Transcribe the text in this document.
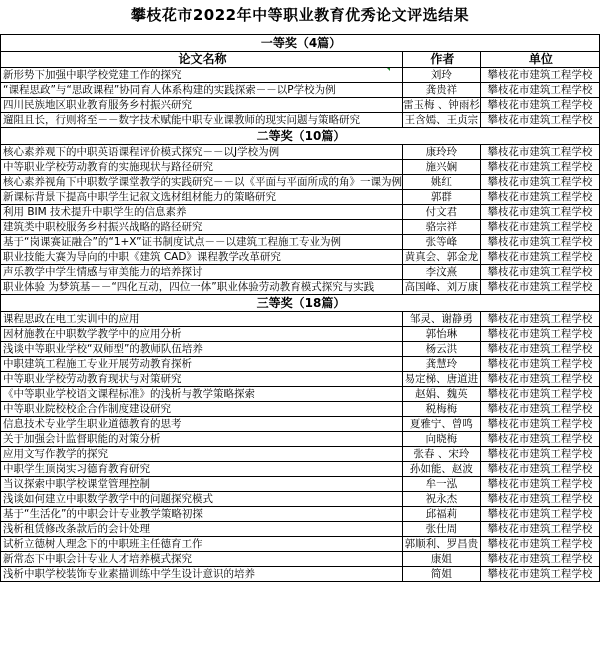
攀枝花市2022年中等职业教育优秀论文评选结果
一等奖（4篇）		
论文名称	作者	单位
新形势下加强中职学校党建工作的探究	刘玲	攀枝花市建筑工程学校
“课程思政”与“思政课程”协同育人体系构建的实践探索－－以P学校为例	龚贵祥	攀枝花市建筑工程学校
四川民族地区职业教育服务乡村振兴研究	雷玉梅 、钟雨杉	攀枝花市建筑工程学校
遛阻且长，行则将至－－数字技术赋能中职专业课教师的现实问题与策略研究	王含嫣、王贞宗	攀枝花市建筑工程学校
二等奖（10篇）		
核心素养观下的中职英语课程评价模式探究－－以J学校为例	康玲玲	攀枝花市建筑工程学校
中等职业学校劳动教育的实施现状与路径研究	施兴娴	攀枝花市建筑工程学校
核心素养视角下中职数学课堂教学的实践研究－－以《平面与平面所成的角》一课为例	姚红	攀枝花市建筑工程学校
新课标背景下提高中职学生记叙文选材组材能力的策略研究	郭群	攀枝花市建筑工程学校
利用 BIM 技术提升中职学生的信息素养	付文君	攀枝花市建筑工程学校
建筑类中职校服务乡村振兴战略的路径研究	骆宗祥	攀枝花市建筑工程学校
基于“岗课赛证融合”的“1+X”证书制度试点－－以建筑工程施工专业为例	张等峰	攀枝花市建筑工程学校
职业技能大赛为导向的中职《建筑 CAD》课程教学改革研究	黄真会、郭金龙	攀枝花市建筑工程学校
声乐教学中学生情感与审美能力的培养探讨	李汶熹	攀枝花市建筑工程学校
职业体验 为梦筑基－－“四化互动，四位一体”职业体验劳动教育模式探究与实践	高国峰、刘万康	攀枝花市建筑工程学校
三等奖（18篇）		
课程思政在电工实训中的应用	邹灵、谢静勇	攀枝花市建筑工程学校
因材施教在中职数学教学中的应用分析	郭怡琳	攀枝花市建筑工程学校
浅谈中等职业学校“双师型”的教师队伍培养	杨云洪	攀枝花市建筑工程学校
中职建筑工程施工专业开展劳动教育探析	龚慧玲	攀枝花市建筑工程学校
中等职业学校劳动教育现状与对策研究	易定梯、唐道进	攀枝花市建筑工程学校
《中等职业学校语文课程标准》的浅析与教学策略探索	赵娟、魏英	攀枝花市建筑工程学校
中等职业院校校企合作制度建设研究	税梅梅	攀枝花市建筑工程学校
信息技术专业学生职业道德教育的思考	夏雅宁、曾鸣	攀枝花市建筑工程学校
关于加强会计监督职能的对策分析	向晓梅	攀枝花市建筑工程学校
应用文写作教学的探究	张春 、宋玲	攀枝花市建筑工程学校
中职学生顶岗实习德育教育研究	孙如能、赵波	攀枝花市建筑工程学校
当议探索中职学校课堂管理控制	牟一泓	攀枝花市建筑工程学校
浅谈如何建立中职数学教学中的问题探究模式	祝永杰	攀枝花市建筑工程学校
基于“生活化”的中职会计专业教学策略初探	邱福莉	攀枝花市建筑工程学校
浅析租赁修改条款后的会计处理	张仕周	攀枝花市建筑工程学校
试析立德树人理念下的中职班主任德育工作	郭顺利、罗昌贵	攀枝花市建筑工程学校
新常态下中职会计专业人才培养模式探究	康姐	攀枝花市建筑工程学校
浅析中职学校装饰专业素描训练中学生设计意识的培养	简姐	攀枝花市建筑工程学校
